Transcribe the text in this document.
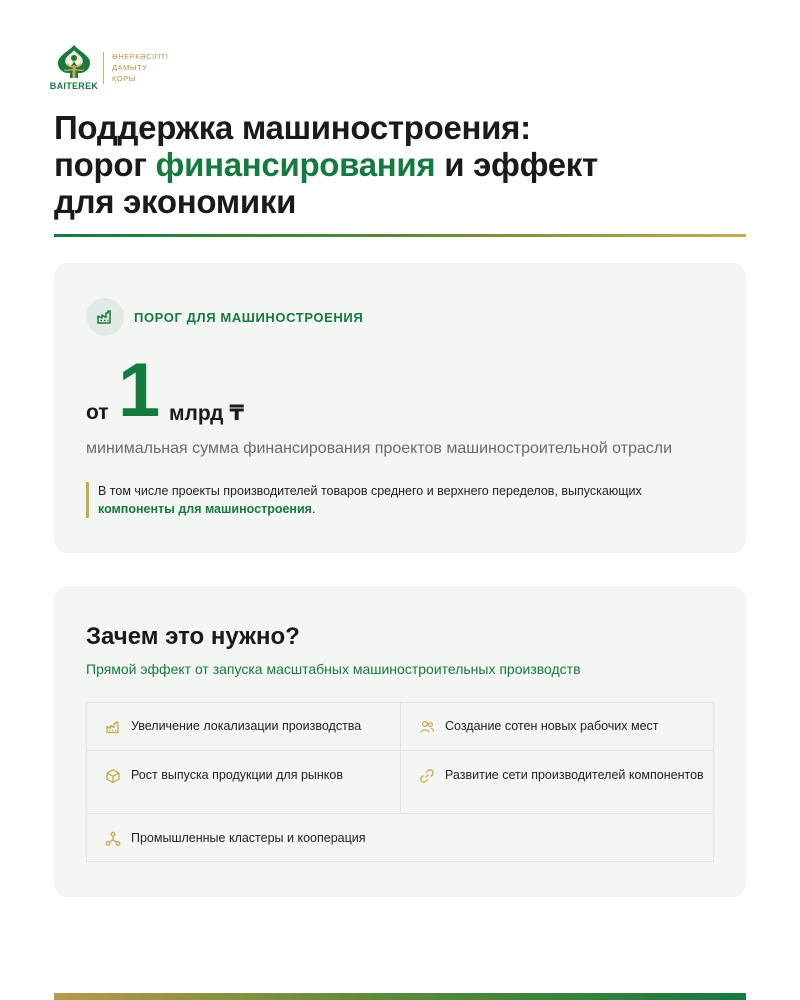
BAITEREK
ӨНЕРКӘСІПТІ
ДАМЫТУ
ҚОРЫ
Поддержка машиностроения:
порог финансирования и эффект
для экономики
ПОРОГ ДЛЯ МАШИНОСТРОЕНИЯ
от 1 млрд ₸
минимальная сумма финансирования проектов машиностроительной отрасли
В том числе проекты производителей товаров среднего и верхнего переделов, выпускающих компоненты для машиностроения.
Зачем это нужно?
Прямой эффект от запуска масштабных машиностроительных производств
Увеличение локализации производства	Создание сотен новых рабочих мест
Рост выпуска продукции для рынков	Развитие сети производителей компонентов
Промышленные кластеры и кооперация
